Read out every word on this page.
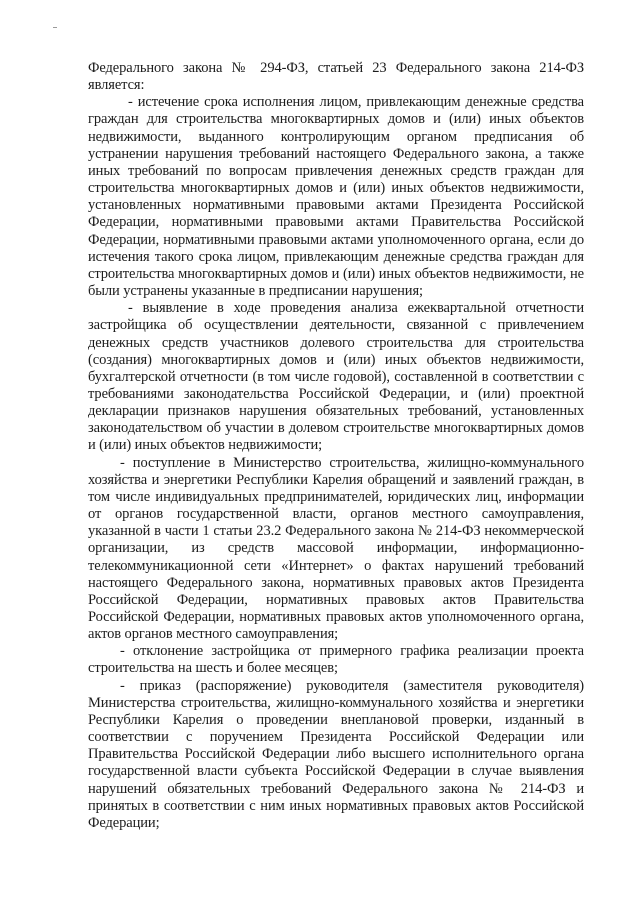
Федерального закона № 294-ФЗ, статьей 23 Федерального закона 214-ФЗ является:

- истечение срока исполнения лицом, привлекающим денежные средства граждан для строительства многоквартирных домов и (или) иных объектов недвижимости, выданного контролирующим органом предписания об устранении нарушения требований настоящего Федерального закона, а также иных требований по вопросам привлечения денежных средств граждан для строительства многоквартирных домов и (или) иных объектов недвижимости, установленных нормативными правовыми актами Президента Российской Федерации, нормативными правовыми актами Правительства Российской Федерации, нормативными правовыми актами уполномоченного органа, если до истечения такого срока лицом, привлекающим денежные средства граждан для строительства многоквартирных домов и (или) иных объектов недвижимости, не были устранены указанные в предписании нарушения;

- выявление в ходе проведения анализа ежеквартальной отчетности застройщика об осуществлении деятельности, связанной с привлечением денежных средств участников долевого строительства для строительства (создания) многоквартирных домов и (или) иных объектов недвижимости, бухгалтерской отчетности (в том числе годовой), составленной в соответствии с требованиями законодательства Российской Федерации, и (или) проектной декларации признаков нарушения обязательных требований, установленных законодательством об участии в долевом строительстве многоквартирных домов и (или) иных объектов недвижимости;

- поступление в Министерство строительства, жилищно-коммунального хозяйства и энергетики Республики Карелия обращений и заявлений граждан, в том числе индивидуальных предпринимателей, юридических лиц, информации от органов государственной власти, органов местного самоуправления, указанной в части 1 статьи 23.2 Федерального закона № 214-ФЗ некоммерческой организации, из средств массовой информации, информационно-телекоммуникационной сети «Интернет» о фактах нарушений требований настоящего Федерального закона, нормативных правовых актов Президента Российской Федерации, нормативных правовых актов Правительства Российской Федерации, нормативных правовых актов уполномоченного органа, актов органов местного самоуправления;

- отклонение застройщика от примерного графика реализации проекта строительства на шесть и более месяцев;

- приказ (распоряжение) руководителя (заместителя руководителя) Министерства строительства, жилищно-коммунального хозяйства и энергетики Республики Карелия о проведении внеплановой проверки, изданный в соответствии с поручением Президента Российской Федерации или Правительства Российской Федерации либо высшего исполнительного органа государственной власти субъекта Российской Федерации в случае выявления нарушений обязательных требований Федерального закона № 214-ФЗ и принятых в соответствии с ним иных нормативных правовых актов Российской Федерации;
